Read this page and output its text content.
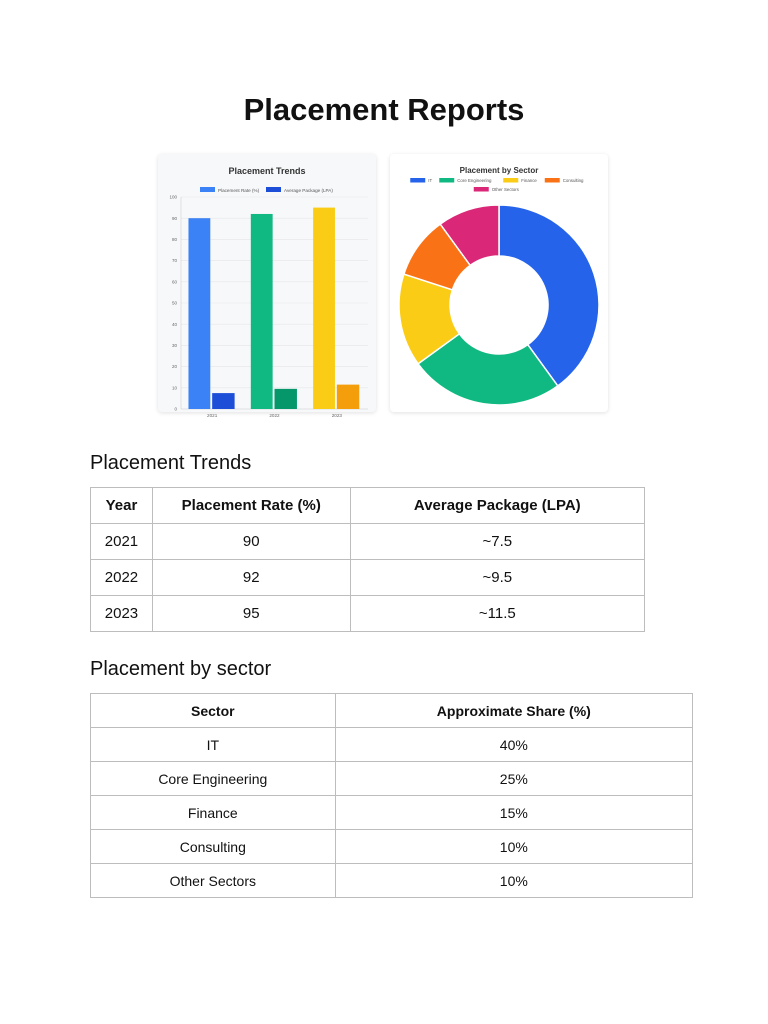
Placement Reports
Placement Trends
Placement Rate (%)	Average Package (LPA)
0
10
20
30
40
50
60
70
80
90
100
2021	2022	2023
Placement by Sector
IT	Core Engineering	Finance	Consulting
Other Sectors
Placement Trends
Year	Placement Rate (%)	Average Package (LPA)
2021	90	~7.5
2022	92	~9.5
2023	95	~11.5
Placement by sector
Sector	Approximate Share (%)
IT	40%
Core Engineering	25%
Finance	15%
Consulting	10%
Other Sectors	10%
